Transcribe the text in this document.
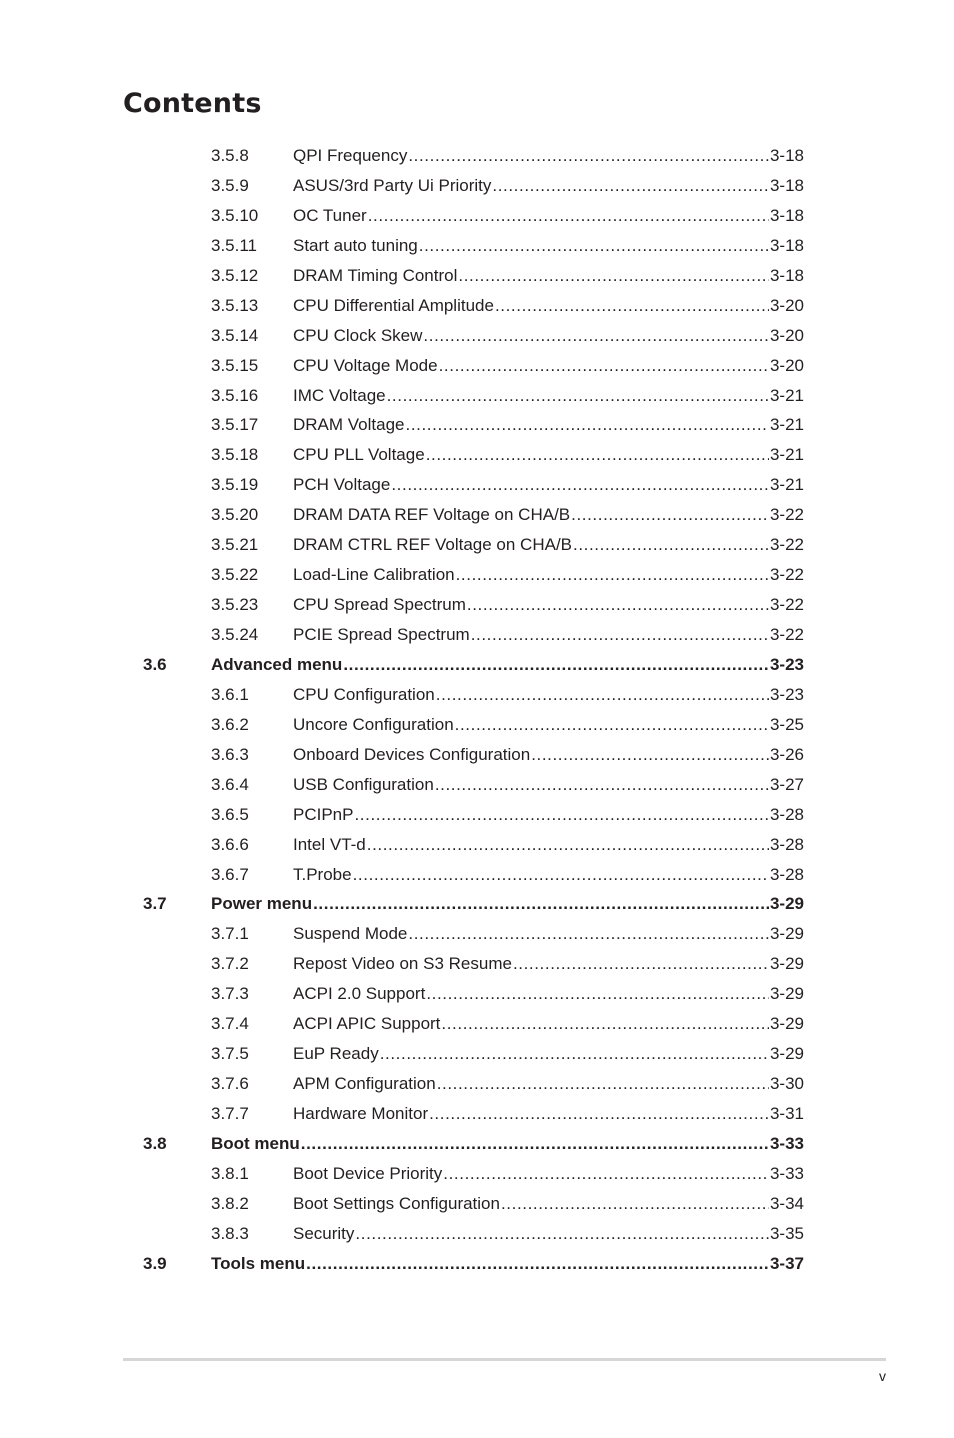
Contents
3.5.8	QPI Frequency .....	3-18
3.5.9	ASUS/3rd Party Ui Priority .....	3-18
3.5.10 OC Tuner .....	3-18
3.5.11 Start auto tuning .....	3-18
3.5.12 DRAM Timing Control .....	3-18
3.5.13 CPU Differential Amplitude .....	3-20
3.5.14 CPU Clock Skew .....	3-20
3.5.15 CPU Voltage Mode .....	3-20
3.5.16 IMC Voltage .....	3-21
3.5.17 DRAM Voltage .....	3-21
3.5.18 CPU PLL Voltage .....	3-21
3.5.19 PCH Voltage .....	3-21
3.5.20 DRAM DATA REF Voltage on CHA/B .....	3-22
3.5.21 DRAM CTRL REF Voltage on CHA/B .....	3-22
3.5.22 Load-Line Calibration .....	3-22
3.5.23 CPU Spread Spectrum .....	3-22
3.5.24 PCIE Spread Spectrum .....	3-22
3.6	Advanced menu .....	3-23
3.6.1	CPU Configuration .....	3-23
3.6.2	Uncore Configuration .....	3-25
3.6.3	Onboard Devices Configuration .....	3-26
3.6.4	USB Configuration .....	3-27
3.6.5	PCIPnP .....	3-28
3.6.6	Intel VT-d .....	3-28
3.6.7	T.Probe .....	3-28
3.7	Power menu .....	3-29
3.7.1	Suspend Mode .....	3-29
3.7.2	Repost Video on S3 Resume .....	3-29
3.7.3	ACPI 2.0 Support .....	3-29
3.7.4	ACPI APIC Support .....	3-29
3.7.5	EuP Ready .....	3-29
3.7.6	APM Configuration .....	3-30
3.7.7	Hardware Monitor .....	3-31
3.8	Boot menu .....	3-33
3.8.1	Boot Device Priority .....	3-33
3.8.2	Boot Settings Configuration .....	3-34
3.8.3	Security .....	3-35
3.9	Tools menu .....	3-37
v
